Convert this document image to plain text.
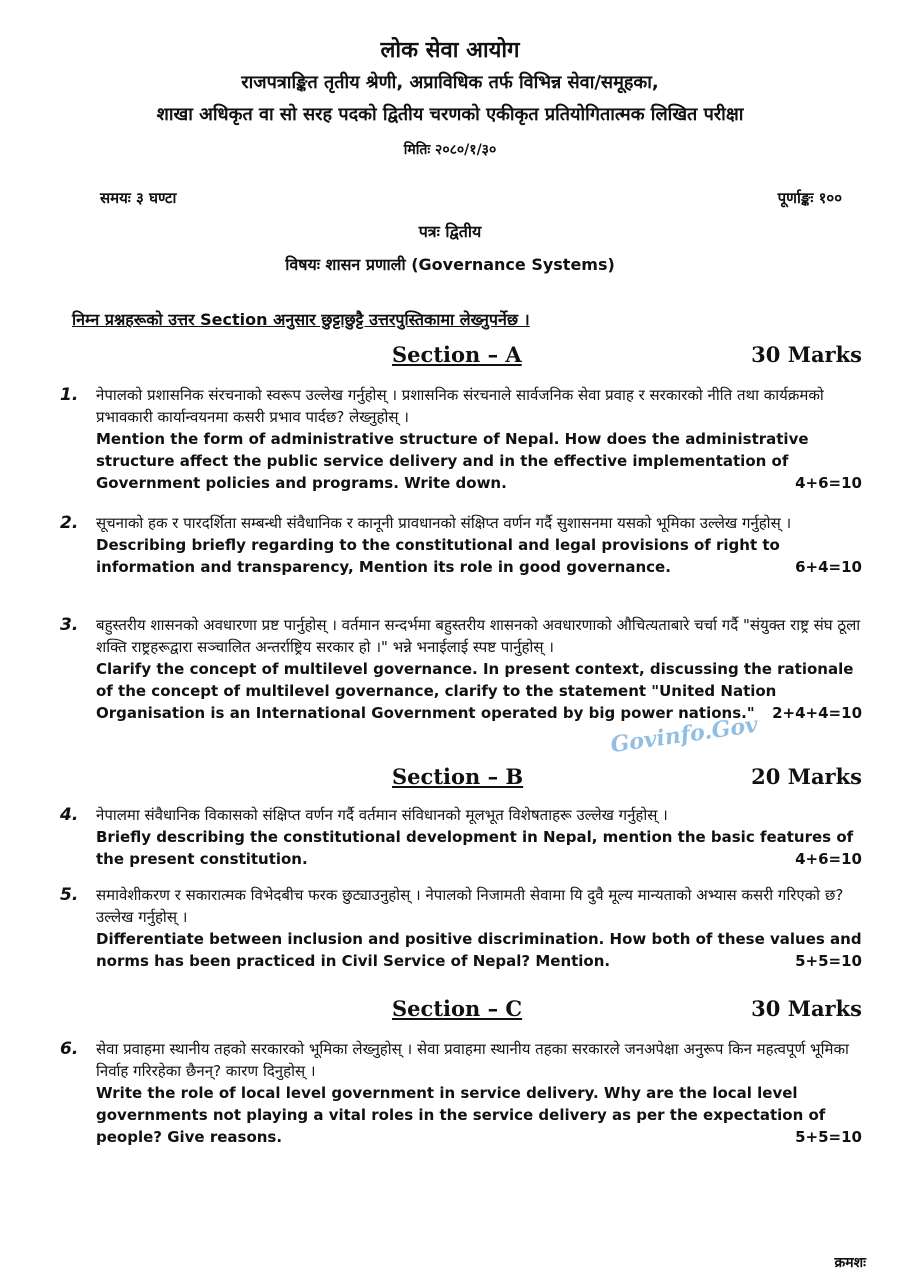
लोक सेवा आयोग
राजपत्राङ्कित तृतीय श्रेणी, अप्राविधिक तर्फ विभिन्न सेवा/समूहका,
शाखा अधिकृत वा सो सरह पदको द्वितीय चरणको एकीकृत प्रतियोगितात्मक लिखित परीक्षा
मितिः २०८०/१/३०
समयः ३ घण्टा	पूर्णाङ्कः १००
पत्रः द्वितीय
विषयः शासन प्रणाली (Governance Systems)
निम्न प्रश्नहरूको उत्तर Section अनुसार छुट्टाछुट्टै उत्तरपुस्तिकामा लेख्नुपर्नेछ ।
Section – A	30 Marks
1.	नेपालको प्रशासनिक संरचनाको स्वरूप उल्लेख गर्नुहोस् । प्रशासनिक संरचनाले सार्वजनिक सेवा प्रवाह र सरकारको नीति तथा कार्यक्रमको प्रभावकारी कार्यान्वयनमा कसरी प्रभाव पार्दछ? लेख्नुहोस् ।
Mention the form of administrative structure of Nepal. How does the administrative structure affect the public service delivery and in the effective implementation of Government policies and programs. Write down.	4+6=10
2.	सूचनाको हक र पारदर्शिता सम्बन्धी संवैधानिक र कानूनी प्रावधानको संक्षिप्त वर्णन गर्दै सुशासनमा यसको भूमिका उल्लेख गर्नुहोस् ।
Describing briefly regarding to the constitutional and legal provisions of right to information and transparency, Mention its role in good governance.	6+4=10
3.	बहुस्तरीय शासनको अवधारणा प्रष्ट पार्नुहोस् । वर्तमान सन्दर्भमा बहुस्तरीय शासनको अवधारणाको औचित्यताबारे चर्चा गर्दै "संयुक्त राष्ट्र संघ ठूला शक्ति राष्ट्रहरूद्वारा सञ्चालित अन्तर्राष्ट्रिय सरकार हो ।" भन्ने भनाईलाई स्पष्ट पार्नुहोस् ।
Clarify the concept of multilevel governance. In present context, discussing the rationale of the concept of multilevel governance, clarify to the statement "United Nation Organisation is an International Government operated by big power nations."	2+4+4=10
Govinfo.Gov
Section – B	20 Marks
4.	नेपालमा संवैधानिक विकासको संक्षिप्त वर्णन गर्दै वर्तमान संविधानको मूलभूत विशेषताहरू उल्लेख गर्नुहोस् ।
Briefly describing the constitutional development in Nepal, mention the basic features of the present constitution.	4+6=10
5.	समावेशीकरण र सकारात्मक विभेदबीच फरक छुट्याउनुहोस् । नेपालको निजामती सेवामा यि दुवै मूल्य मान्यताको अभ्यास कसरी गरिएको छ? उल्लेख गर्नुहोस् ।
Differentiate between inclusion and positive discrimination. How both of these values and norms has been practiced in Civil Service of Nepal? Mention.	5+5=10
Section – C	30 Marks
6.	सेवा प्रवाहमा स्थानीय तहको सरकारको भूमिका लेख्नुहोस् । सेवा प्रवाहमा स्थानीय तहका सरकारले जनअपेक्षा अनुरूप किन महत्वपूर्ण भूमिका निर्वाह गरिरहेका छैनन्? कारण दिनुहोस् ।
Write the role of local level government in service delivery. Why are the local level governments not playing a vital roles in the service delivery as per the expectation of people? Give reasons.	5+5=10
क्रमशः
